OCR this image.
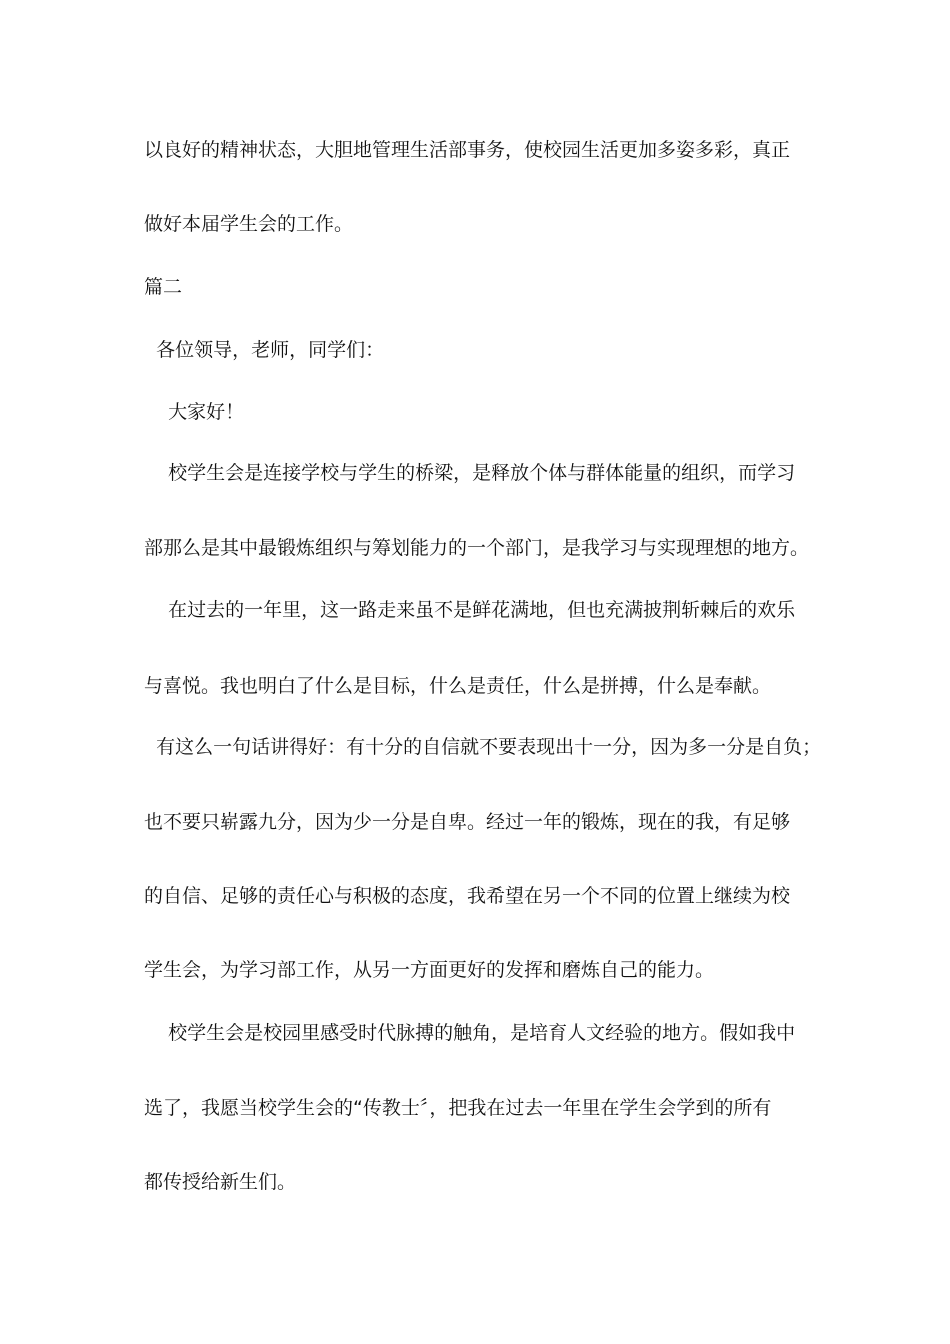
以良好的精神状态，大胆地管理生活部事务，使校园生活更加多姿多彩，真正
做好本届学生会的工作。
篇二
各位领导，老师，同学们：
大家好！
校学生会是连接学校与学生的桥梁，是释放个体与群体能量的组织，而学习
部那么是其中最锻炼组织与筹划能力的一个部门，是我学习与实现理想的地方。
在过去的一年里，这一路走来虽不是鲜花满地，但也充满披荆斩棘后的欢乐
与喜悦。我也明白了什么是目标，什么是责任，什么是拼搏，什么是奉献。
有这么一句话讲得好：有十分的自信就不要表现出十一分，因为多一分是自负；
也不要只崭露九分，因为少一分是自卑。经过一年的锻炼，现在的我，有足够
的自信、足够的责任心与积极的态度，我希望在另一个不同的位置上继续为校
学生会，为学习部工作，从另一方面更好的发挥和磨炼自己的能力。
校学生会是校园里感受时代脉搏的触角，是培育人文经验的地方。假如我中
选了，我愿当校学生会的“传教士〞，把我在过去一年里在学生会学到的所有
都传授给新生们。
